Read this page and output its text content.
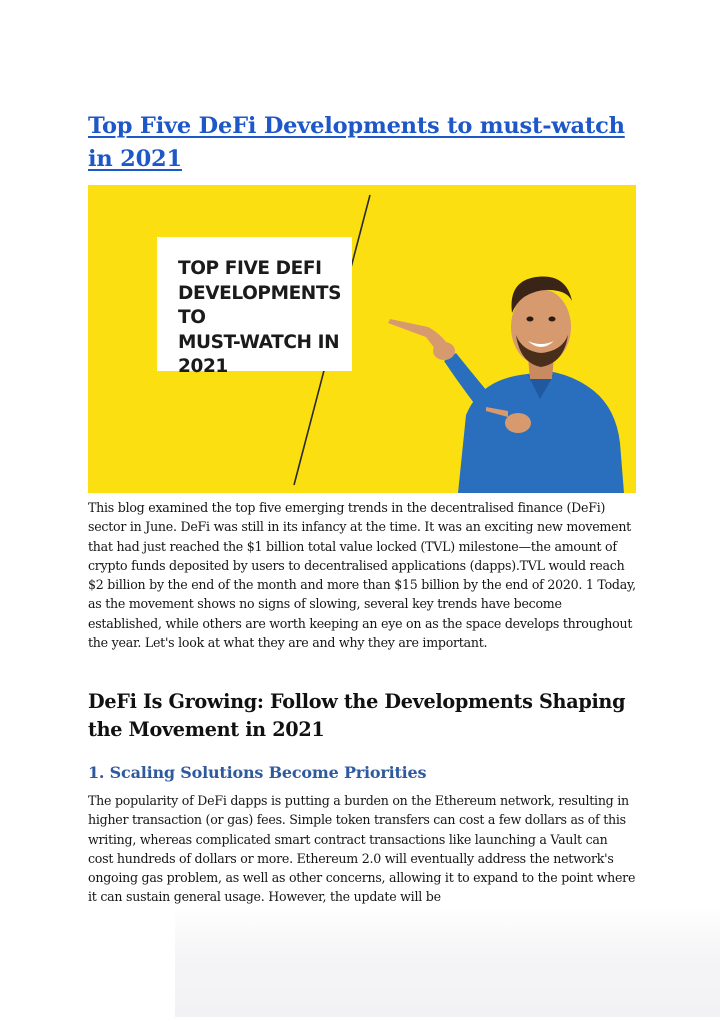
Top Five DeFi Developments to must-watch in 2021
TOP FIVE DEFI
DEVELOPMENTS TO
MUST-WATCH IN
2021

This blog examined the top five emerging trends in the decentralised finance (DeFi) sector in June. DeFi was still in its infancy at the time. It was an exciting new movement that had just reached the $1 billion total value locked (TVL) milestone—the amount of crypto funds deposited by users to decentralised applications (dapps).TVL would reach $2 billion by the end of the month and more than $15 billion by the end of 2020. 1 Today, as the movement shows no signs of slowing, several key trends have become established, while others are worth keeping an eye on as the space develops throughout the year. Let's look at what they are and why they are important.

DeFi Is Growing: Follow the Developments Shaping the Movement in 2021
1. Scaling Solutions Become Priorities

The popularity of DeFi dapps is putting a burden on the Ethereum network, resulting in higher transaction (or gas) fees. Simple token transfers can cost a few dollars as of this writing, whereas complicated smart contract transactions like launching a Vault can cost hundreds of dollars or more. Ethereum 2.0 will eventually address the network's ongoing gas problem, as well as other concerns, allowing it to expand to the point where it can sustain general usage. However, the update will be
